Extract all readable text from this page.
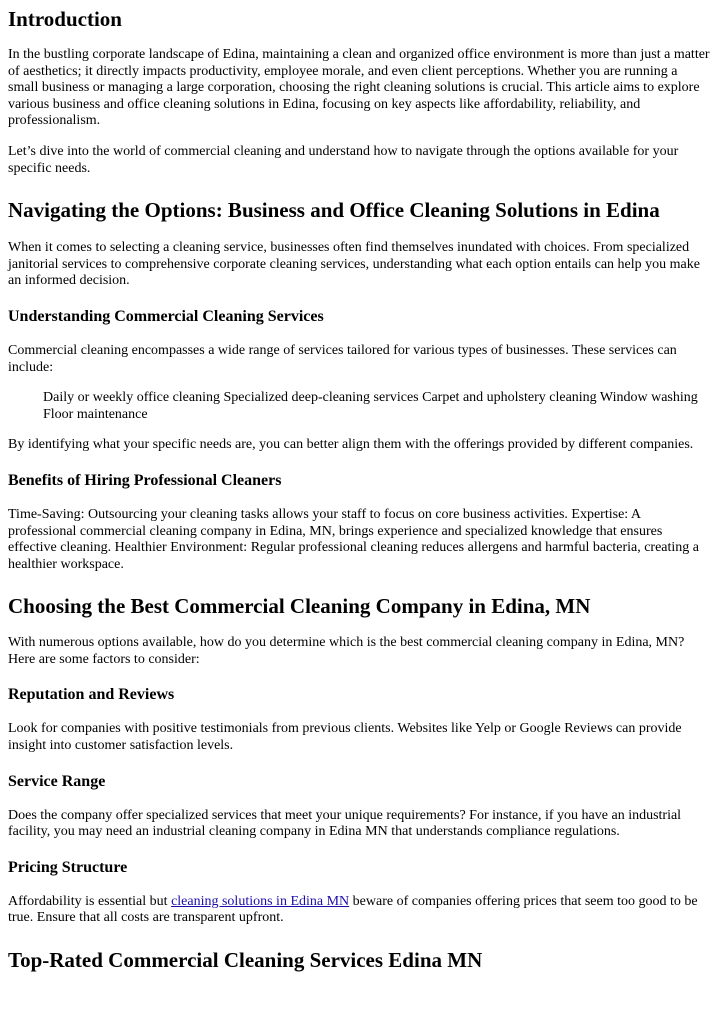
Introduction

In the bustling corporate landscape of Edina, maintaining a clean and organized office environment is more than just a matter of aesthetics; it directly impacts productivity, employee morale, and even client perceptions. Whether you are running a small business or managing a large corporation, choosing the right cleaning solutions is crucial. This article aims to explore various business and office cleaning solutions in Edina, focusing on key aspects like affordability, reliability, and professionalism.

Let’s dive into the world of commercial cleaning and understand how to navigate through the options available for your specific needs.

Navigating the Options: Business and Office Cleaning Solutions in Edina

When it comes to selecting a cleaning service, businesses often find themselves inundated with choices. From specialized janitorial services to comprehensive corporate cleaning services, understanding what each option entails can help you make an informed decision.

Understanding Commercial Cleaning Services

Commercial cleaning encompasses a wide range of services tailored for various types of businesses. These services can include:

Daily or weekly office cleaning Specialized deep-cleaning services Carpet and upholstery cleaning Window washing Floor maintenance

By identifying what your specific needs are, you can better align them with the offerings provided by different companies.

Benefits of Hiring Professional Cleaners

Time-Saving: Outsourcing your cleaning tasks allows your staff to focus on core business activities. Expertise: A professional commercial cleaning company in Edina, MN, brings experience and specialized knowledge that ensures effective cleaning. Healthier Environment: Regular professional cleaning reduces allergens and harmful bacteria, creating a healthier workspace.

Choosing the Best Commercial Cleaning Company in Edina, MN

With numerous options available, how do you determine which is the best commercial cleaning company in Edina, MN? Here are some factors to consider:

Reputation and Reviews

Look for companies with positive testimonials from previous clients. Websites like Yelp or Google Reviews can provide insight into customer satisfaction levels.

Service Range

Does the company offer specialized services that meet your unique requirements? For instance, if you have an industrial facility, you may need an industrial cleaning company in Edina MN that understands compliance regulations.

Pricing Structure

Affordability is essential but cleaning solutions in Edina MN beware of companies offering prices that seem too good to be true. Ensure that all costs are transparent upfront.

Top-Rated Commercial Cleaning Services Edina MN
